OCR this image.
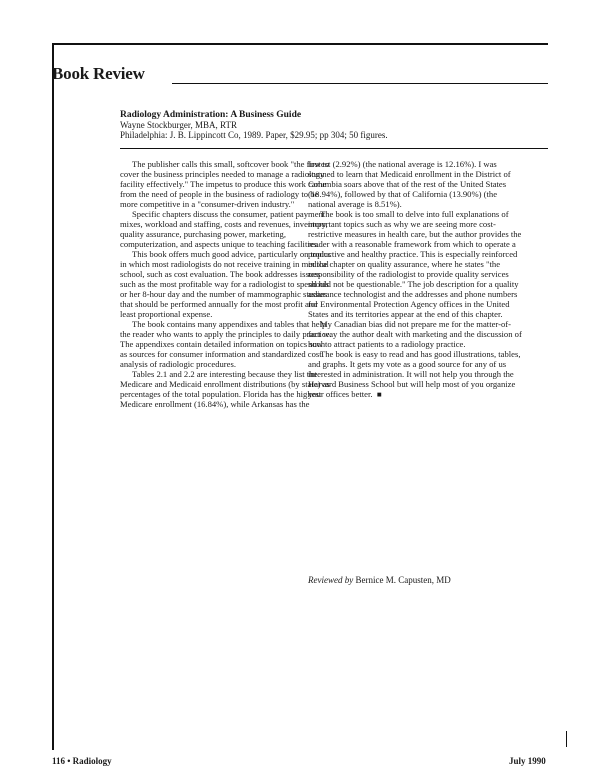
Book Review
Radiology Administration: A Business Guide
Wayne Stockburger, MBA, RTR
Philadelphia: J. B. Lippincott Co, 1989. Paper, $29.95; pp 304; 50 figures.

The publisher calls this small, softcover book "the first to cover the business principles needed to manage a radiology facility effectively." The impetus to produce this work came from the need of people in the business of radiology to be more competitive in a "consumer-driven industry."

Specific chapters discuss the consumer, patient payment mixes, workload and staffing, costs and revenues, inventory, quality assurance, purchasing power, marketing, computerization, and aspects unique to teaching facilities.

This book offers much good advice, particularly on topics in which most radiologists do not receive training in medical school, such as cost evaluation. The book addresses issues such as the most profitable way for a radiologist to spend his or her 8-hour day and the number of mammographic studies that should be performed annually for the most profit and least proportional expense.

The book contains many appendixes and tables that help the reader who wants to apply the principles to daily practice. The appendixes contain detailed information on topics such as sources for consumer information and standardized cost analysis of radiologic procedures.

Tables 2.1 and 2.2 are interesting because they list the Medicare and Medicaid enrollment distributions (by state) as percentages of the total population. Florida has the highest Medicare enrollment (16.84%), while Arkansas has the

lowest (2.92%) (the national average is 12.16%). I was stunned to learn that Medicaid enrollment in the District of Columbia soars above that of the rest of the United States (18.94%), followed by that of California (13.90%) (the national average is 8.51%).

The book is too small to delve into full explanations of important topics such as why we are seeing more cost-restrictive measures in health care, but the author provides the reader with a reasonable framework from which to operate a productive and healthy practice. This is especially reinforced in the chapter on quality assurance, where he states "the responsibility of the radiologist to provide quality services should not be questionable." The job description for a quality assurance technologist and the addresses and phone numbers for Environmental Protection Agency offices in the United States and its territories appear at the end of this chapter.

My Canadian bias did not prepare me for the matter-of-fact way the author dealt with marketing and the discussion of how to attract patients to a radiology practice.

The book is easy to read and has good illustrations, tables, and graphs. It gets my vote as a good source for any of us interested in administration. It will not help you through the Harvard Business School but will help most of you organize your offices better. ■

Reviewed by Bernice M. Capusten, MD
116 • Radiology	July 1990
